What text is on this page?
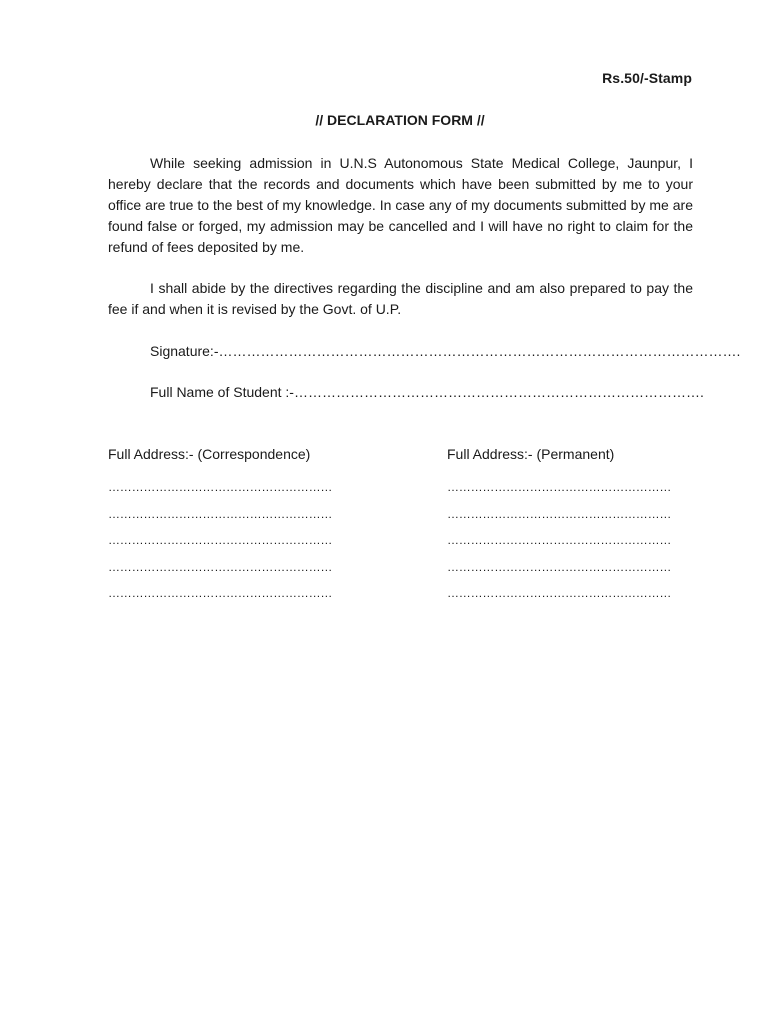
Rs.50/-Stamp
// DECLARATION FORM //

While seeking admission in U.N.S Autonomous State Medical College, Jaunpur, I hereby declare that the records and documents which have been submitted by me to your office are true to the best of my knowledge. In case any of my documents submitted by me are found false or forged, my admission may be cancelled and I will have no right to claim for the refund of fees deposited by me.

I shall abide by the directives regarding the discipline and am also prepared to pay the fee if and when it is revised by the Govt. of U.P.

Signature:-………………………………………………………………………………………………….
Full Name of Student :-…………………………………………………………………………….
Full Address:- (Correspondence)
…………………………………………………
…………………………………………………
…………………………………………………
…………………………………………………
…………………………………………………
Full Address:- (Permanent)
…………………………………………………
…………………………………………………
…………………………………………………
…………………………………………………
…………………………………………………
